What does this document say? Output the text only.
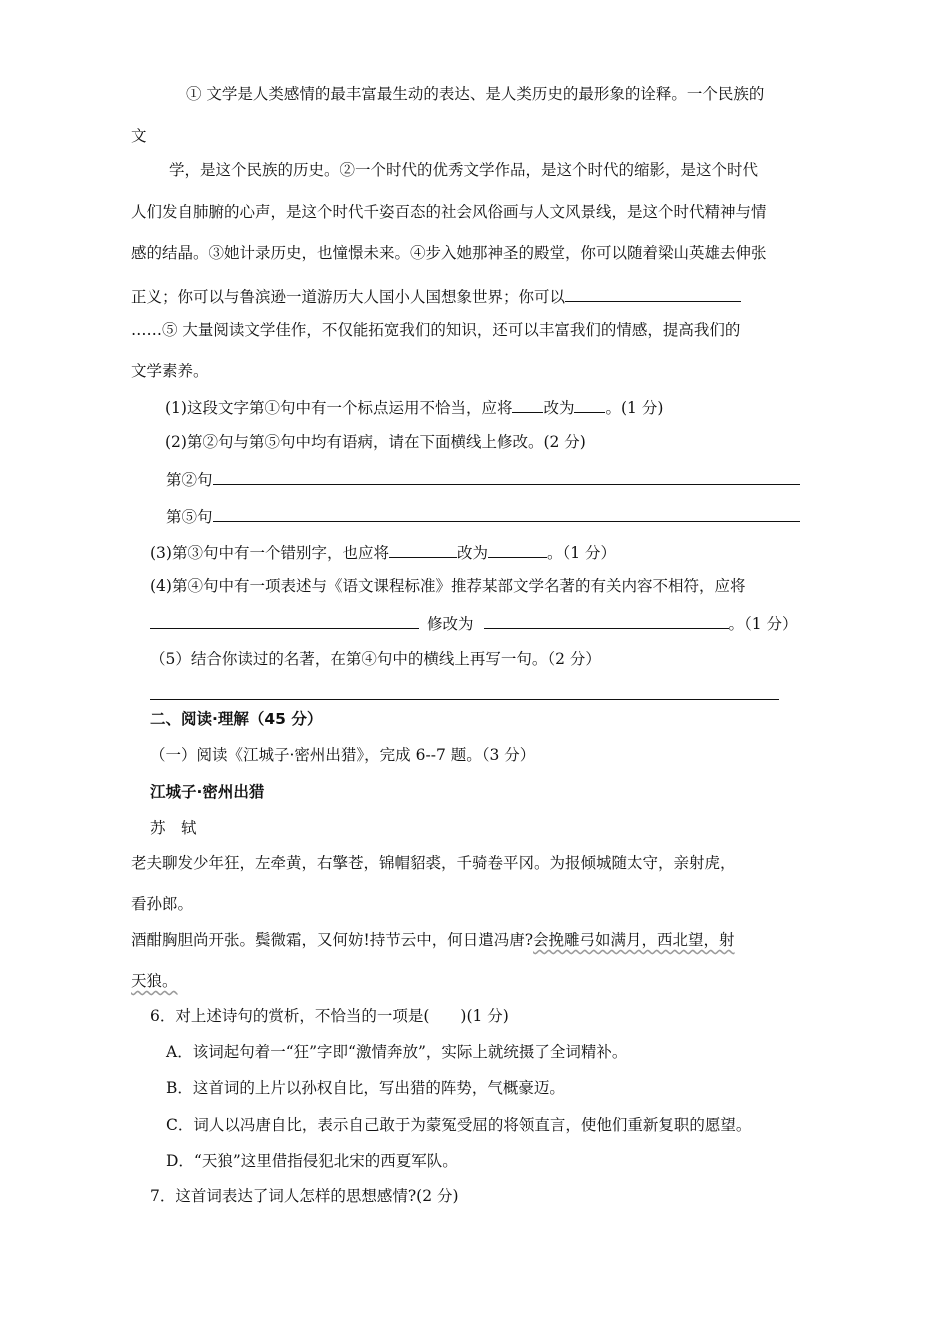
① 文学是人类感情的最丰富最生动的表达、是人类历史的最形象的诠释。一个民族的
文
学，是这个民族的历史。②一个时代的优秀文学作品，是这个时代的缩影，是这个时代
人们发自肺腑的心声，是这个时代千姿百态的社会风俗画与人文风景线，是这个时代精神与情
感的结晶。③她计录历史，也憧憬未来。④步入她那神圣的殿堂，你可以随着梁山英雄去伸张
正义；你可以与鲁滨逊一道游历大人国小人国想象世界；你可以
……⑤ 大量阅读文学佳作，不仅能拓宽我们的知识，还可以丰富我们的情感，提高我们的
文学素养。
(1)这段文字第①句中有一个标点运用不恰当，应将 改为 。(1 分)
(2)第②句与第⑤句中均有语病，请在下面横线上修改。(2 分)
第②句
第⑤句
(3)第③句中有一个错别字，也应将	改为	。（1 分）
(4)第④句中有一项表述与《语文课程标准》推荐某部文学名著的有关内容不相符，应将
修改为	。（1 分）
（5）结合你读过的名著，在第④句中的横线上再写一句。（2 分）
二、阅读·理解（45 分）
（一）阅读《江城子·密州出猎》，完成 6--7 题。（3 分）
江城子·密州出猎
苏　轼
老夫聊发少年狂，左牵黄，右擎苍，锦帽貂裘，千骑卷平冈。为报倾城随太守，亲射虎，
看孙郎。
酒酣胸胆尚开张。鬓微霜，又何妨!持节云中，何日遣冯唐?会挽雕弓如满月，西北望，射
天狼。
6．对上述诗句的赏析，不恰当的一项是(　　)(1 分)
A．该词起句着一“狂”字即“激情奔放”，实际上就统摄了全词精补。
B．这首词的上片以孙权自比，写出猎的阵势，气概豪迈。
C．词人以冯唐自比，表示自己敢于为蒙冤受屈的将领直言，使他们重新复职的愿望。
D．“天狼”这里借指侵犯北宋的西夏军队。
7．这首词表达了词人怎样的思想感情?(2 分)
